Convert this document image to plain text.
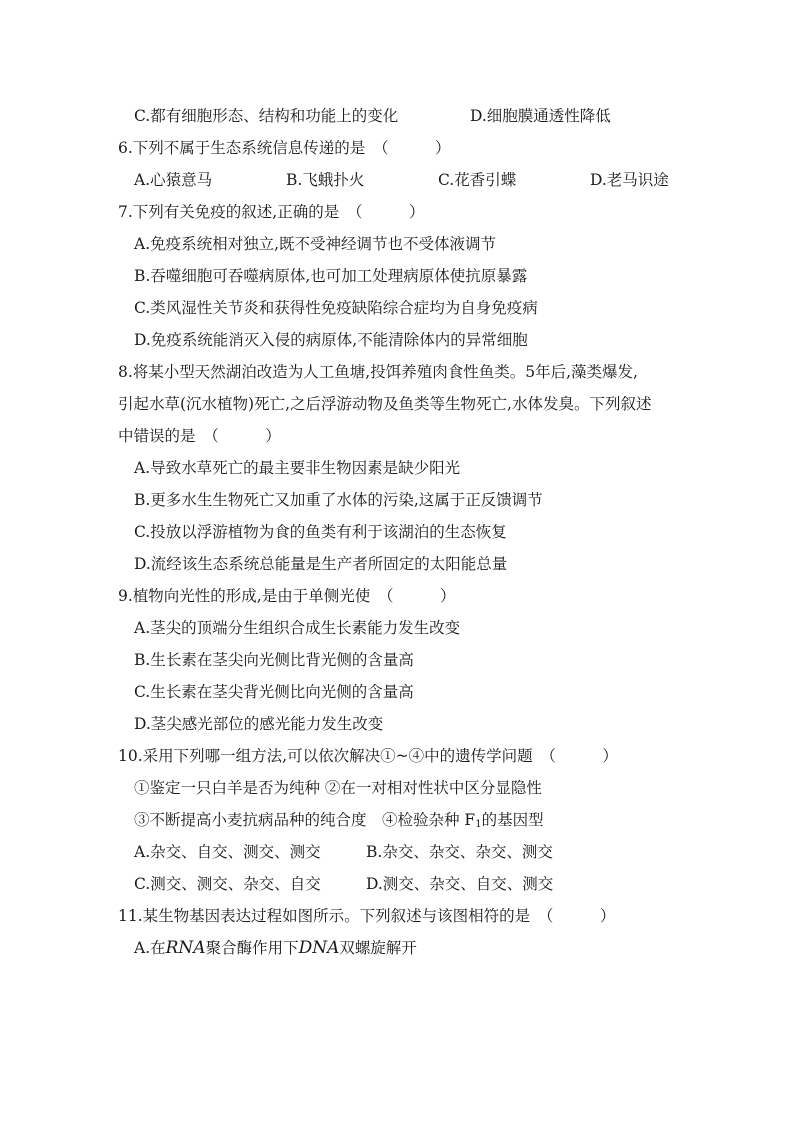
C.都有细胞形态、结构和功能上的变化	D.细胞膜通透性降低
6.下列不属于生态系统信息传递的是　（　　　）
A.心猿意马	B.飞蛾扑火	C.花香引蝶	D.老马识途
7.下列有关免疫的叙述,正确的是　（　　　）
A.免疫系统相对独立,既不受神经调节也不受体液调节
B.吞噬细胞可吞噬病原体,也可加工处理病原体使抗原暴露
C.类风湿性关节炎和获得性免疫缺陷综合症均为自身免疫病
D.免疫系统能消灭入侵的病原体,不能清除体内的异常细胞
8.将某小型天然湖泊改造为人工鱼塘,投饵养殖肉食性鱼类。5年后,藻类爆发,
引起水草(沉水植物)死亡,之后浮游动物及鱼类等生物死亡,水体发臭。下列叙述
中错误的是　（　　　）
A.导致水草死亡的最主要非生物因素是缺少阳光
B.更多水生生物死亡又加重了水体的污染,这属于正反馈调节
C.投放以浮游植物为食的鱼类有利于该湖泊的生态恢复
D.流经该生态系统总能量是生产者所固定的太阳能总量
9.植物向光性的形成,是由于单侧光使　（　　　）
A.茎尖的顶端分生组织合成生长素能力发生改变
B.生长素在茎尖向光侧比背光侧的含量高
C.生长素在茎尖背光侧比向光侧的含量高
D.茎尖感光部位的感光能力发生改变
10.采用下列哪一组方法,可以依次解决①~④中的遗传学问题　（　　　）
①鉴定一只白羊是否为纯种 ②在一对相对性状中区分显隐性
③不断提高小麦抗病品种的纯合度　④检验杂种 $F_1$的基因型
A.杂交、自交、测交、测交	B.杂交、杂交、杂交、测交
C.测交、测交、杂交、自交	D.测交、杂交、自交、测交
11.某生物基因表达过程如图所示。下列叙述与该图相符的是　（　　　）
A.在RNA聚合酶作用下DNA双螺旋解开
